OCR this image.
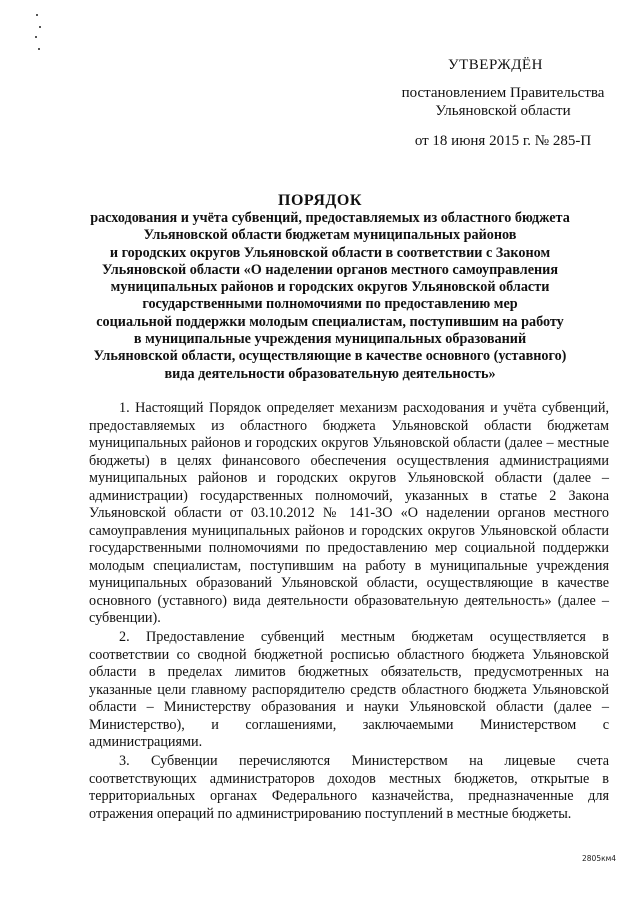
УТВЕРЖДЁН
постановлением Правительства
Ульяновской области
от 18 июня 2015 г. № 285-П
ПОРЯДОК
расходования и учёта субвенций, предоставляемых из областного бюджета
Ульяновской области бюджетам муниципальных районов
и городских округов Ульяновской области в соответствии с Законом
Ульяновской области «О наделении органов местного самоуправления
муниципальных районов и городских округов Ульяновской области
государственными полномочиями по предоставлению мер
социальной поддержки молодым специалистам, поступившим на работу
в муниципальные учреждения муниципальных образований
Ульяновской области, осуществляющие в качестве основного (уставного)
вида деятельности образовательную деятельность»

1. Настоящий Порядок определяет механизм расходования и учёта субвенций, предоставляемых из областного бюджета Ульяновской области бюджетам муниципальных районов и городских округов Ульяновской области (далее – местные бюджеты) в целях финансового обеспечения осуществления администрациями муниципальных районов и городских округов Ульяновской области (далее – администрации) государственных полномочий, указанных в статье 2 Закона Ульяновской области от 03.10.2012 № 141-ЗО «О наделении органов местного самоуправления муниципальных районов и городских округов Ульяновской области государственными полномочиями по предоставлению мер социальной поддержки молодым специалистам, поступившим на работу в муниципальные учреждения муниципальных образований Ульяновской области, осуществляющие в качестве основного (уставного) вида деятельности образовательную деятельность» (далее – субвенции).

2. Предоставление субвенций местным бюджетам осуществляется в соответствии со сводной бюджетной росписью областного бюджета Ульяновской области в пределах лимитов бюджетных обязательств, предусмотренных на указанные цели главному распорядителю средств областного бюджета Ульяновской области – Министерству образования и науки Ульяновской области (далее – Министерство), и соглашениями, заключаемыми Министерством с администрациями.

3. Субвенции перечисляются Министерством на лицевые счета соответствующих администраторов доходов местных бюджетов, открытые в территориальных органах Федерального казначейства, предназначенные для отражения операций по администрированию поступлений в местные бюджеты.

2805км4
